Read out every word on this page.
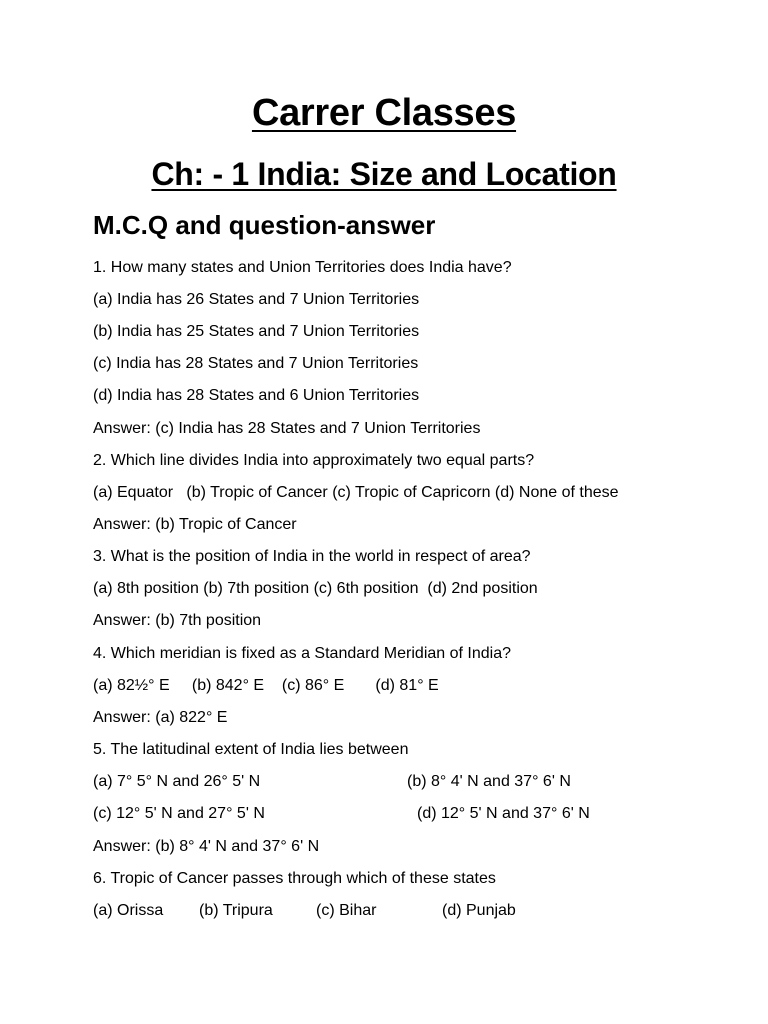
Carrer Classes
Ch: - 1 India: Size and Location
M.C.Q and question-answer
1. How many states and Union Territories does India have?
(a) India has 26 States and 7 Union Territories
(b) India has 25 States and 7 Union Territories
(c) India has 28 States and 7 Union Territories
(d) India has 28 States and 6 Union Territories
Answer: (c) India has 28 States and 7 Union Territories
2. Which line divides India into approximately two equal parts?
(a) Equator   (b) Tropic of Cancer (c) Tropic of Capricorn (d) None of these
Answer: (b) Tropic of Cancer
3. What is the position of India in the world in respect of area?
(a) 8th position (b) 7th position (c) 6th position  (d) 2nd position
Answer: (b) 7th position
4. Which meridian is fixed as a Standard Meridian of India?
(a) 82½° E     (b) 842° E    (c) 86° E       (d) 81° E
Answer: (a) 822° E
5. The latitudinal extent of India lies between
(a) 7° 5° N and 26° 5' N	(b) 8° 4' N and 37° 6' N
(c) 12° 5' N and 27° 5' N	(d) 12° 5' N and 37° 6' N
Answer: (b) 8° 4' N and 37° 6' N
6. Tropic of Cancer passes through which of these states
(a) Orissa (b) Tripura	(c) Bihar	(d) Punjab
